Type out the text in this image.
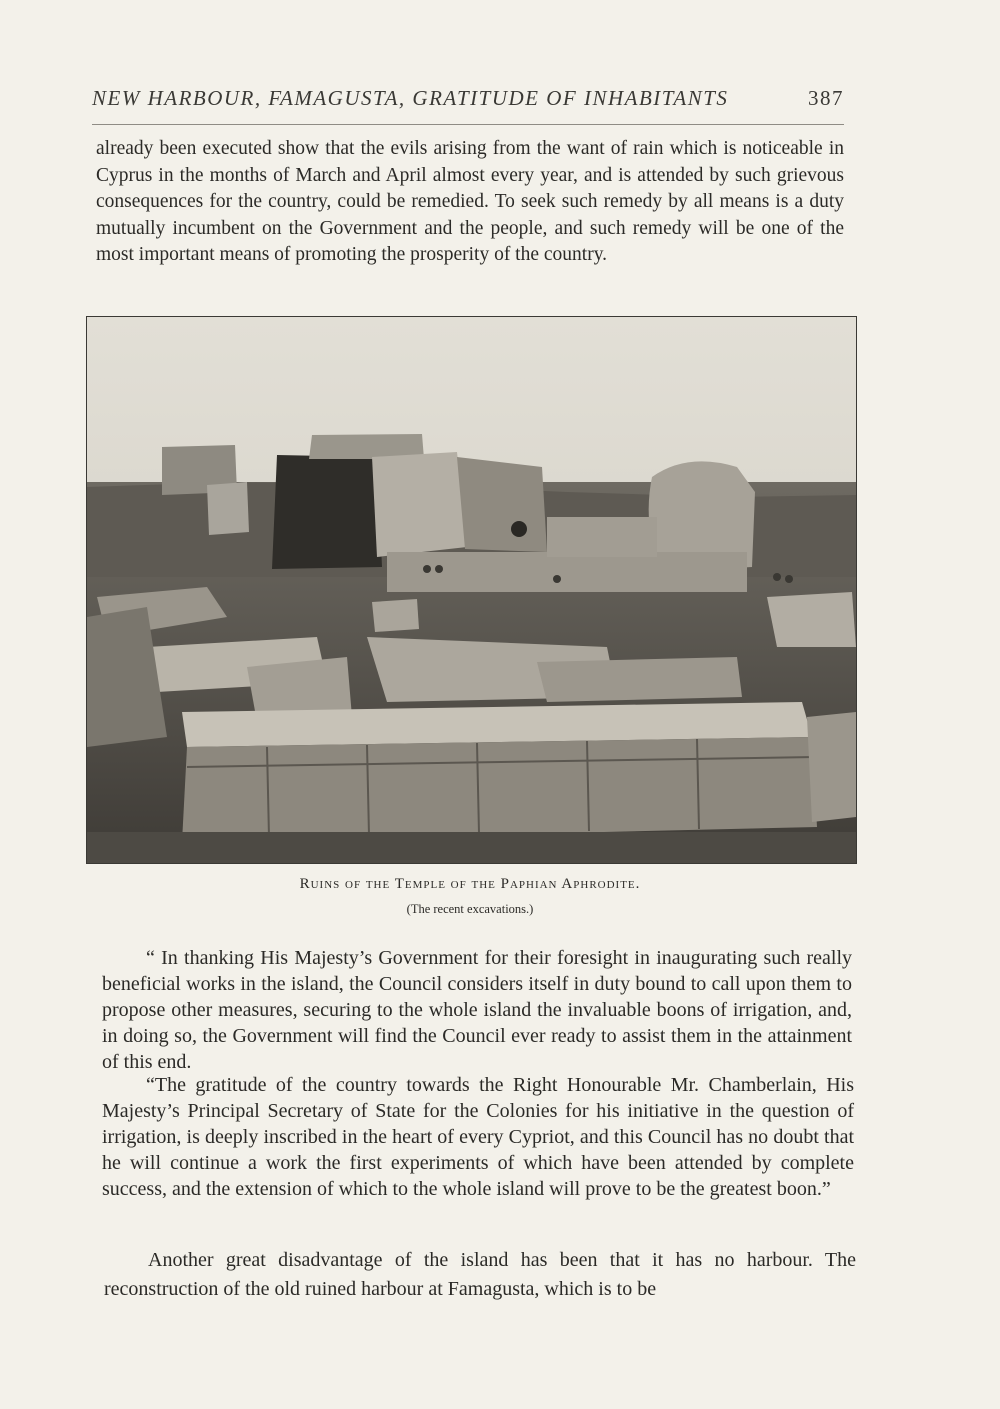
NEW HARBOUR, FAMAGUSTA, GRATITUDE OF INHABITANTS	387

already been executed show that the evils arising from the want of rain which is noticeable in Cyprus in the months of March and April almost every year, and is attended by such grievous consequences for the country, could be remedied. To seek such remedy by all means is a duty mutually incumbent on the Government and the people, and such remedy will be one of the most important means of promoting the prosperity of the country.

Ruins of the Temple of the Paphian Aphrodite.
(The recent excavations.)

“ In thanking His Majesty’s Government for their foresight in inaugurating such really beneficial works in the island, the Council considers itself in duty bound to call upon them to propose other measures, securing to the whole island the invaluable boons of irrigation, and, in doing so, the Government will find the Council ever ready to assist them in the attainment of this end.

“The gratitude of the country towards the Right Honourable Mr. Chamberlain, His Majesty’s Principal Secretary of State for the Colonies for his initiative in the question of irrigation, is deeply inscribed in the heart of every Cypriot, and this Council has no doubt that he will continue a work the first experiments of which have been attended by complete success, and the extension of which to the whole island will prove to be the greatest boon.”

Another great disadvantage of the island has been that it has no harbour. The reconstruction of the old ruined harbour at Famagusta, which is to be
